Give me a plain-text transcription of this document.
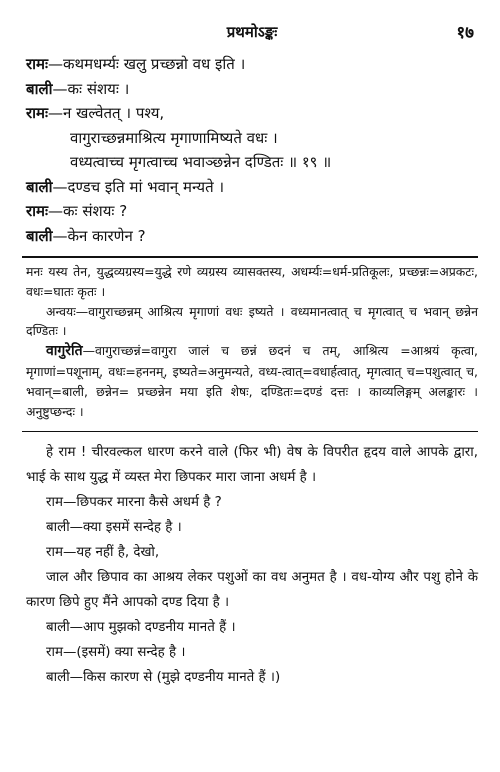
प्रथमोऽङ्कः	१७
रामः—कथमधर्म्यः खलु प्रच्छन्नो वध इति ।
बाली—कः संशयः ।
रामः—न खल्वेतत् । पश्य,
वागुराच्छन्नमाश्रित्य मृगाणामिष्यते वधः ।
वध्यत्वाच्च मृगत्वाच्च भवाञ्छन्नेन दण्डितः ॥ १९ ॥
बाली—दण्डच इति मां भवान् मन्यते ।
रामः—कः संशयः ?
बाली—केन कारणेन ?

मनः यस्य तेन, युद्धव्यग्रस्य=युद्धे रणे व्यग्रस्य व्यासक्तस्य, अधर्म्यः=धर्म-प्रतिकूलः, प्रच्छन्नः=अप्रकटः, वधः=घातः कृतः ।

अन्वयः—वागुराच्छन्नम् आश्रित्य मृगाणां वधः इष्यते । वध्यमानत्वात् च मृगत्वात् च भवान् छन्नेन दण्डितः ।

वागुरेति—वागुराच्छन्नं=वागुरा जालं च छन्नं छदनं च तम्, आश्रित्य =आश्रयं कृत्वा, मृगाणां=पशूनाम्, वधः=हननम्, इष्यते=अनुमन्यते, वध्य-त्वात्=वधार्हत्वात्, मृगत्वात् च=पशुत्वात् च, भवान्=बाली, छन्नेन= प्रच्छन्नेन मया इति शेषः, दण्डितः=दण्डं दत्तः । काव्यलिङ्गम् अलङ्कारः । अनुष्टुप्छन्दः ।

हे राम ! चीरवल्कल धारण करने वाले (फिर भी) वेष के विपरीत हृदय वाले आपके द्वारा, भाई के साथ युद्ध में व्यस्त मेरा छिपकर मारा जाना अधर्म है ।

राम—छिपकर मारना कैसे अधर्म है ?

बाली—क्या इसमें सन्देह है ।

राम—यह नहीं है, देखो,

जाल और छिपाव का आश्रय लेकर पशुओं का वध अनुमत है । वध-योग्य और पशु होने के कारण छिपे हुए मैंने आपको दण्ड दिया है ।

बाली—आप मुझको दण्डनीय मानते हैं ।

राम—(इसमें) क्या सन्देह है ।

बाली—किस कारण से (मुझे दण्डनीय मानते हैं ।)
